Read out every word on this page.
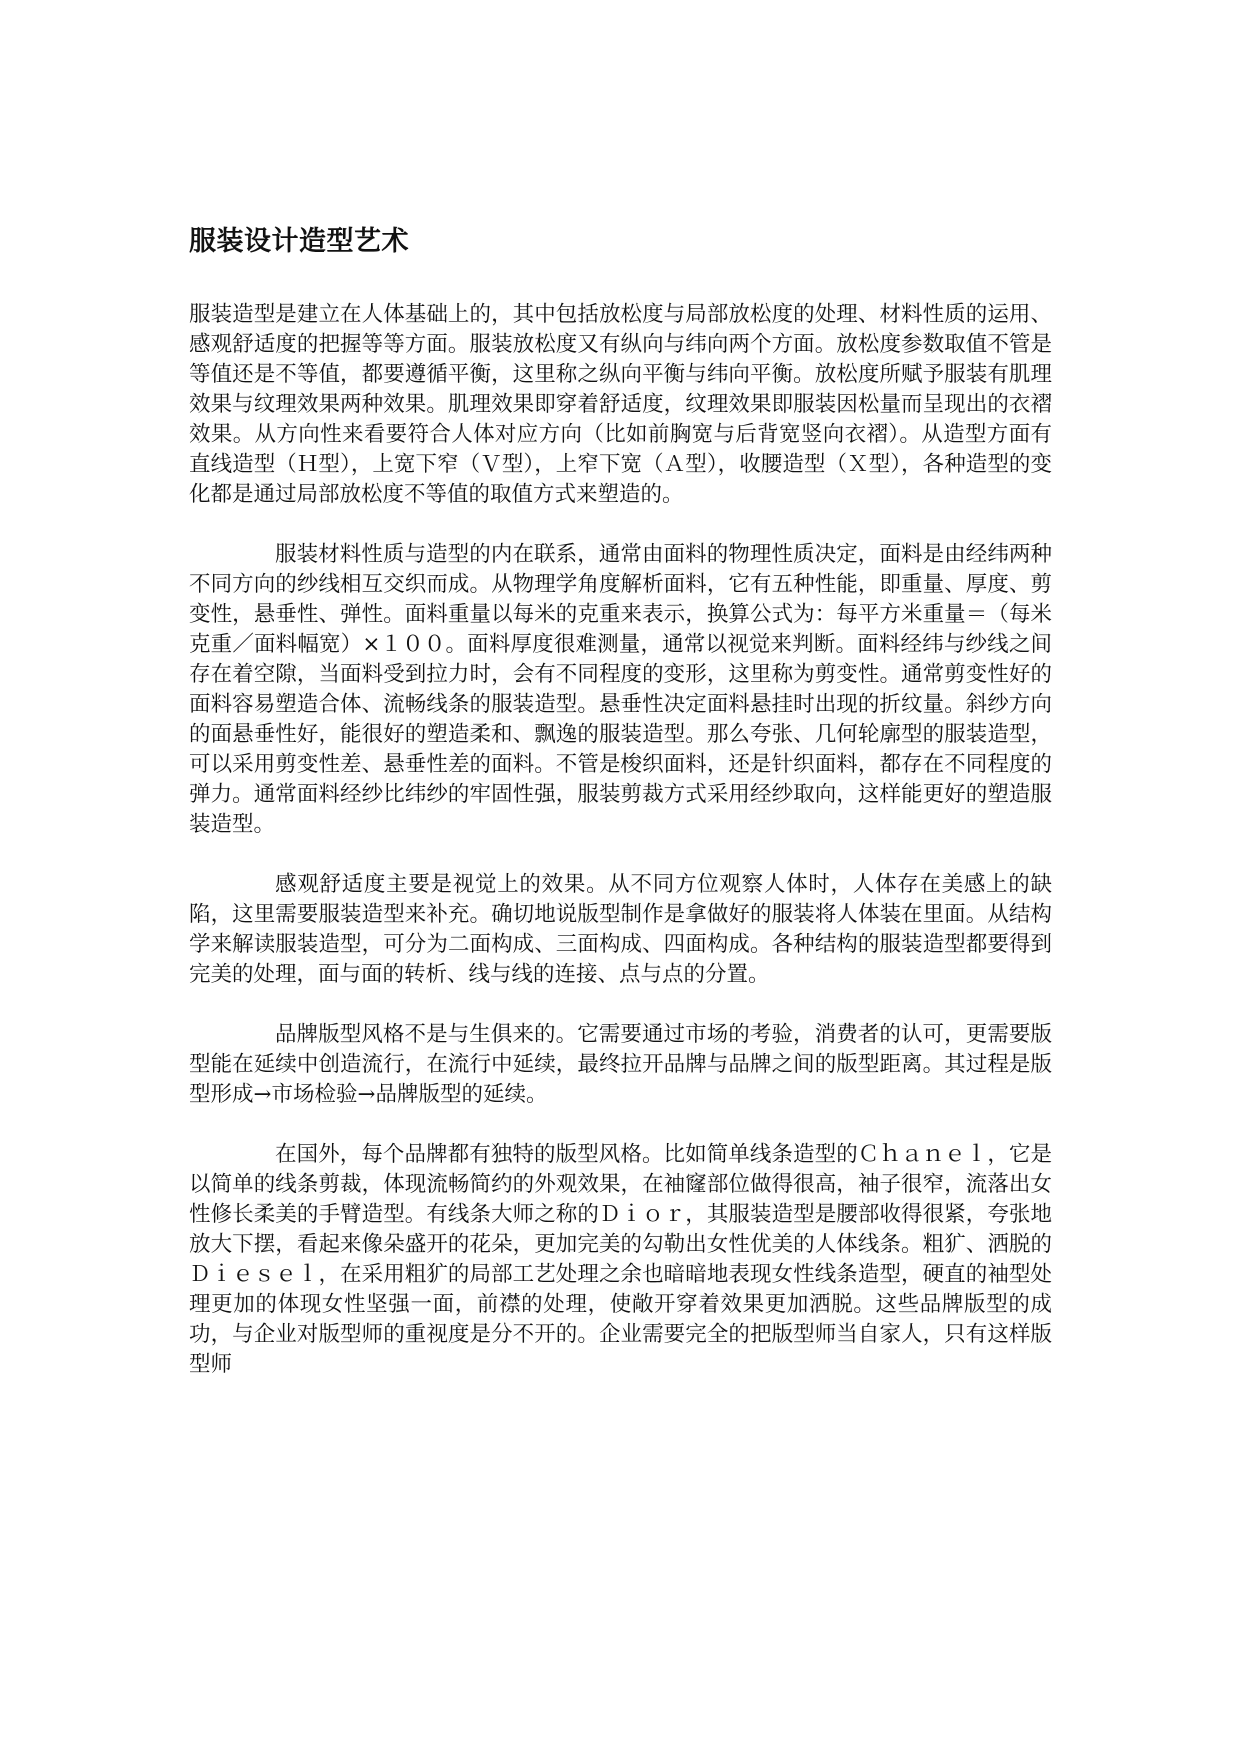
服装设计造型艺术

服装造型是建立在人体基础上的，其中包括放松度与局部放松度的处理、材料性质的运用、感观舒适度的把握等等方面。服装放松度又有纵向与纬向两个方面。放松度参数取值不管是等值还是不等值，都要遵循平衡，这里称之纵向平衡与纬向平衡。放松度所赋予服装有肌理效果与纹理效果两种效果。肌理效果即穿着舒适度，纹理效果即服装因松量而呈现出的衣褶效果。从方向性来看要符合人体对应方向（比如前胸宽与后背宽竖向衣褶）。从造型方面有直线造型（Ｈ型），上宽下窄（Ｖ型），上窄下宽（Ａ型），收腰造型（Ｘ型），各种造型的变化都是通过局部放松度不等值的取值方式来塑造的。

服装材料性质与造型的内在联系，通常由面料的物理性质决定，面料是由经纬两种不同方向的纱线相互交织而成。从物理学角度解析面料，它有五种性能，即重量、厚度、剪变性，悬垂性、弹性。面料重量以每米的克重来表示，换算公式为：每平方米重量＝（每米克重／面料幅宽）×１００。面料厚度很难测量，通常以视觉来判断。面料经纬与纱线之间存在着空隙，当面料受到拉力时，会有不同程度的变形，这里称为剪变性。通常剪变性好的面料容易塑造合体、流畅线条的服装造型。悬垂性决定面料悬挂时出现的折纹量。斜纱方向的面悬垂性好，能很好的塑造柔和、飘逸的服装造型。那么夸张、几何轮廓型的服装造型，可以采用剪变性差、悬垂性差的面料。不管是梭织面料，还是针织面料，都存在不同程度的弹力。通常面料经纱比纬纱的牢固性强，服装剪裁方式采用经纱取向，这样能更好的塑造服装造型。

感观舒适度主要是视觉上的效果。从不同方位观察人体时，人体存在美感上的缺陷，这里需要服装造型来补充。确切地说版型制作是拿做好的服装将人体装在里面。从结构学来解读服装造型，可分为二面构成、三面构成、四面构成。各种结构的服装造型都要得到完美的处理，面与面的转析、线与线的连接、点与点的分置。

品牌版型风格不是与生俱来的。它需要通过市场的考验，消费者的认可，更需要版型能在延续中创造流行，在流行中延续，最终拉开品牌与品牌之间的版型距离。其过程是版型形成→市场检验→品牌版型的延续。

在国外，每个品牌都有独特的版型风格。比如简单线条造型的Ｃｈａｎｅｌ，它是以简单的线条剪裁，体现流畅简约的外观效果，在袖窿部位做得很高，袖子很窄，流落出女性修长柔美的手臂造型。有线条大师之称的Ｄｉｏｒ，其服装造型是腰部收得很紧，夸张地放大下摆，看起来像朵盛开的花朵，更加完美的勾勒出女性优美的人体线条。粗犷、洒脱的Ｄｉｅｓｅｌ，在采用粗犷的局部工艺处理之余也暗暗地表现女性线条造型，硬直的袖型处理更加的体现女性坚强一面，前襟的处理，使敞开穿着效果更加洒脱。这些品牌版型的成功，与企业对版型师的重视度是分不开的。企业需要完全的把版型师当自家人，只有这样版型师
